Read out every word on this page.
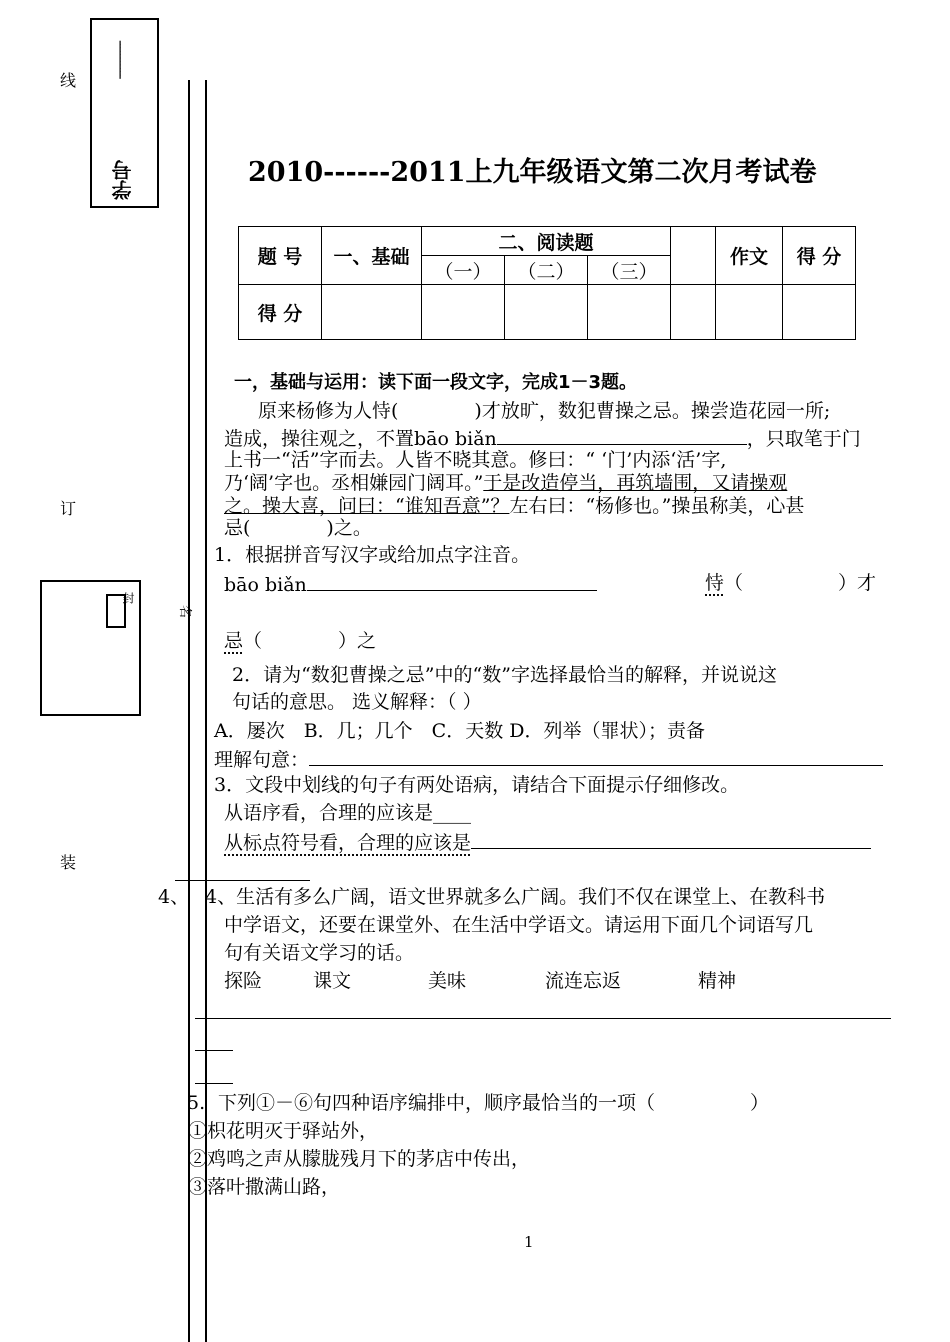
学号
-----------
线
订
装
封
名
2010------2011上九年级语文第二次月考试卷
题 号	一、基础	二、阅读题				作文	得 分
		（一）	（二）	（三）			
得 分							
一，基础与运用：读下面一段文字，完成1－3题。
原来杨修为人恃(　　　　)才放旷，数犯曹操之忌。操尝造花园一所;
造成，操往观之，不置bāo biǎn	，只取笔于门
上书一“活”字而去。人皆不晓其意。修曰：“ ‘门’内添‘活’字,
乃‘阔’字也。丞相嫌园门阔耳。”于是改造停当，再筑墙围，又请操观
之。操大喜，问曰：“谁知吾意”？左右曰：“杨修也。”操虽称美，心甚
忌(　　　　)之。
1．根据拼音写汉字或给加点字注音。
bāo biǎn	恃（　　　　　）才
忌（　　　　）之
2．请为“数犯曹操之忌”中的“数”字选择最恰当的解释，并说说这
句话的意思。 选义解释：（ ）
A．屡次　B．几；几个　C．天数 D．列举（罪状）；责备
理解句意：
3．文段中划线的句子有两处语病，请结合下面提示仔细修改。
从语序看，合理的应该是____
从标点符号看，合理的应该是
4、 4、生活有多么广阔，语文世界就多么广阔。我们不仅在课堂上、在教科书
中学语文，还要在课堂外、在生活中学语文。请运用下面几个词语写几
句有关语文学习的话。
探险	课文	美味	流连忘返	精神
5. 下列①－⑥句四种语序编排中，顺序最恰当的一项（　　　　　）
①枳花明灭于驿站外，
②鸡鸣之声从朦胧残月下的茅店中传出，
③落叶撒满山路，
1
